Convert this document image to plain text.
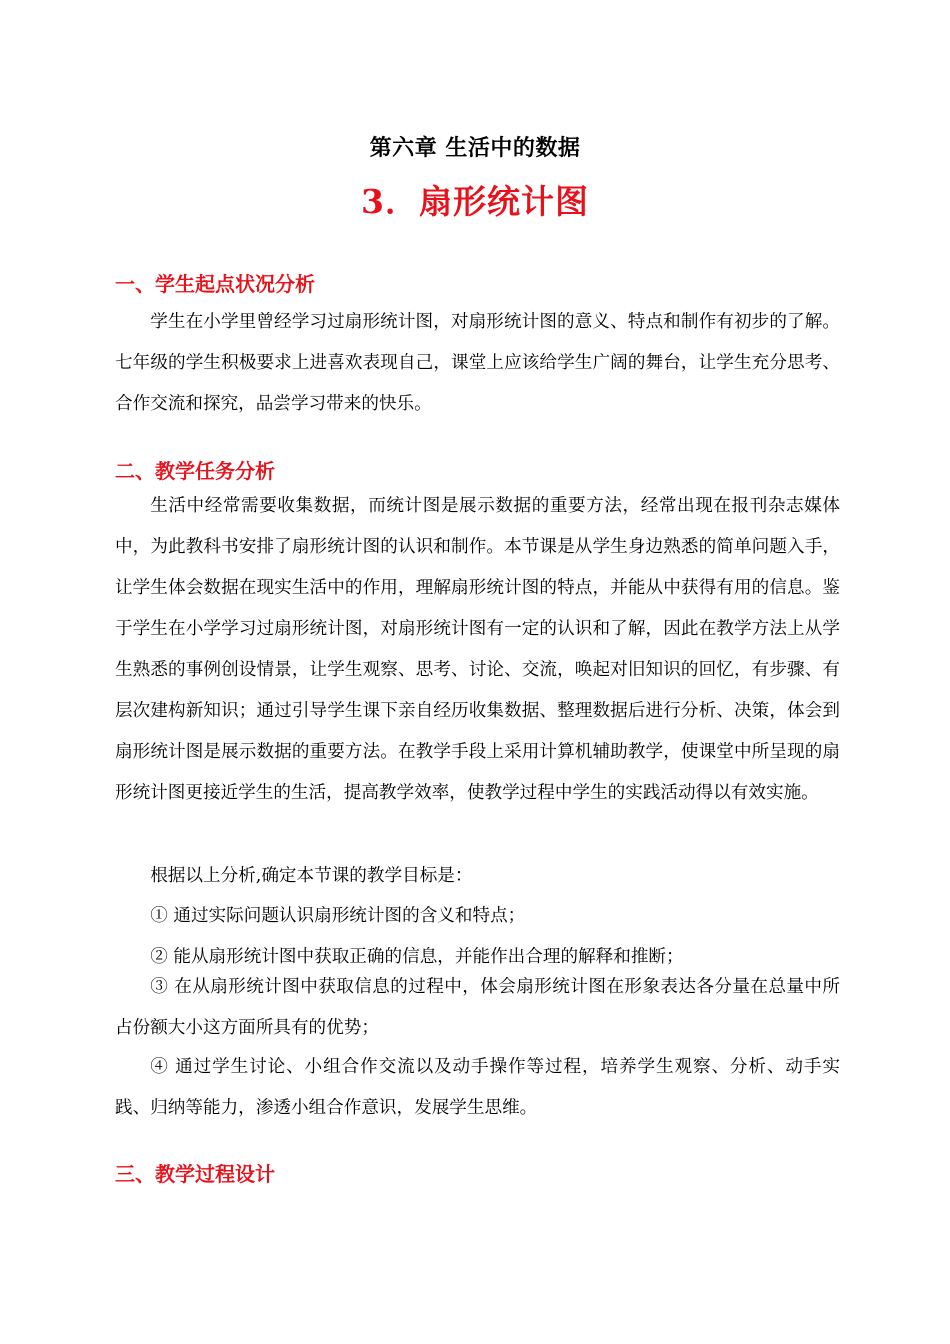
第六章 生活中的数据
3．扇形统计图
一、学生起点状况分析

学生在小学里曾经学习过扇形统计图，对扇形统计图的意义、特点和制作有初步的了解。七年级的学生积极要求上进喜欢表现自己，课堂上应该给学生广阔的舞台，让学生充分思考、合作交流和探究，品尝学习带来的快乐。

二、教学任务分析

生活中经常需要收集数据，而统计图是展示数据的重要方法，经常出现在报刊杂志媒体中，为此教科书安排了扇形统计图的认识和制作。本节课是从学生身边熟悉的简单问题入手，让学生体会数据在现实生活中的作用，理解扇形统计图的特点，并能从中获得有用的信息。鉴于学生在小学学习过扇形统计图，对扇形统计图有一定的认识和了解，因此在教学方法上从学生熟悉的事例创设情景，让学生观察、思考、讨论、交流，唤起对旧知识的回忆，有步骤、有层次建构新知识；通过引导学生课下亲自经历收集数据、整理数据后进行分析、决策，体会到扇形统计图是展示数据的重要方法。在教学手段上采用计算机辅助教学，使课堂中所呈现的扇形统计图更接近学生的生活，提高教学效率，使教学过程中学生的实践活动得以有效实施。

根据以上分析,确定本节课的教学目标是：

① 通过实际问题认识扇形统计图的含义和特点；

② 能从扇形统计图中获取正确的信息，并能作出合理的解释和推断；

③ 在从扇形统计图中获取信息的过程中，体会扇形统计图在形象表达各分量在总量中所占份额大小这方面所具有的优势；

④ 通过学生讨论、小组合作交流以及动手操作等过程，培养学生观察、分析、动手实践、归纳等能力，渗透小组合作意识，发展学生思维。

三、教学过程设计
